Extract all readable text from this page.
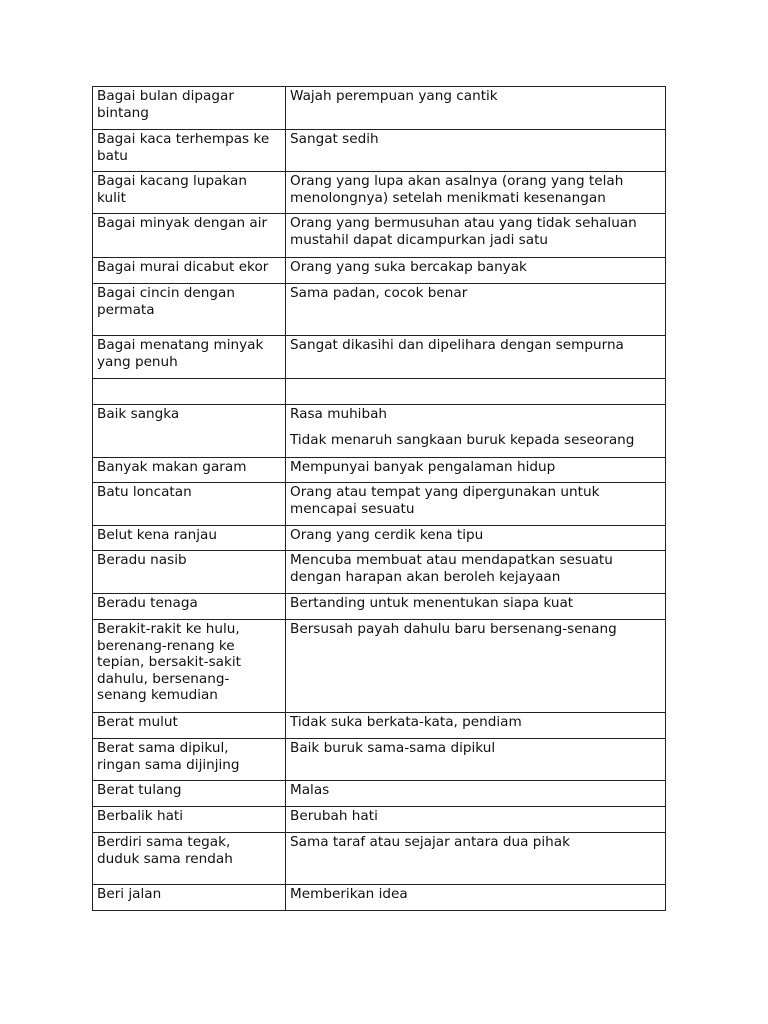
Bagai bulan dipagar
bintang	Wajah perempuan yang cantik

Bagai kaca terhempas ke
batu	Sangat sedih

Bagai kacang lupakan
kulit	Orang yang lupa akan asalnya (orang yang telah
menolongnya) setelah menikmati kesenangan

Bagai minyak dengan air	Orang yang bermusuhan atau yang tidak sehaluan
mustahil dapat dicampurkan jadi satu

Bagai murai dicabut ekor	Orang yang suka bercakap banyak

Bagai cincin dengan
permata	Sama padan, cocok benar

Bagai menatang minyak
yang penuh	Sangat dikasihi dan dipelihara dengan sempurna

Baik sangka	Rasa muhibah
Tidak menaruh sangkaan buruk kepada seseorang

Banyak makan garam	Mempunyai banyak pengalaman hidup

Batu loncatan	Orang atau tempat yang dipergunakan untuk
mencapai sesuatu

Belut kena ranjau	Orang yang cerdik kena tipu

Beradu nasib	Mencuba membuat atau mendapatkan sesuatu
dengan harapan akan beroleh kejayaan

Beradu tenaga	Bertanding untuk menentukan siapa kuat

Berakit-rakit ke hulu,
berenang-renang ke
tepian, bersakit-sakit
dahulu, bersenang-
senang kemudian	Bersusah payah dahulu baru bersenang-senang

Berat mulut	Tidak suka berkata-kata, pendiam

Berat sama dipikul,
ringan sama dijinjing	Baik buruk sama-sama dipikul

Berat tulang	Malas

Berbalik hati	Berubah hati

Berdiri sama tegak,
duduk sama rendah	Sama taraf atau sejajar antara dua pihak

Beri jalan	Memberikan idea
